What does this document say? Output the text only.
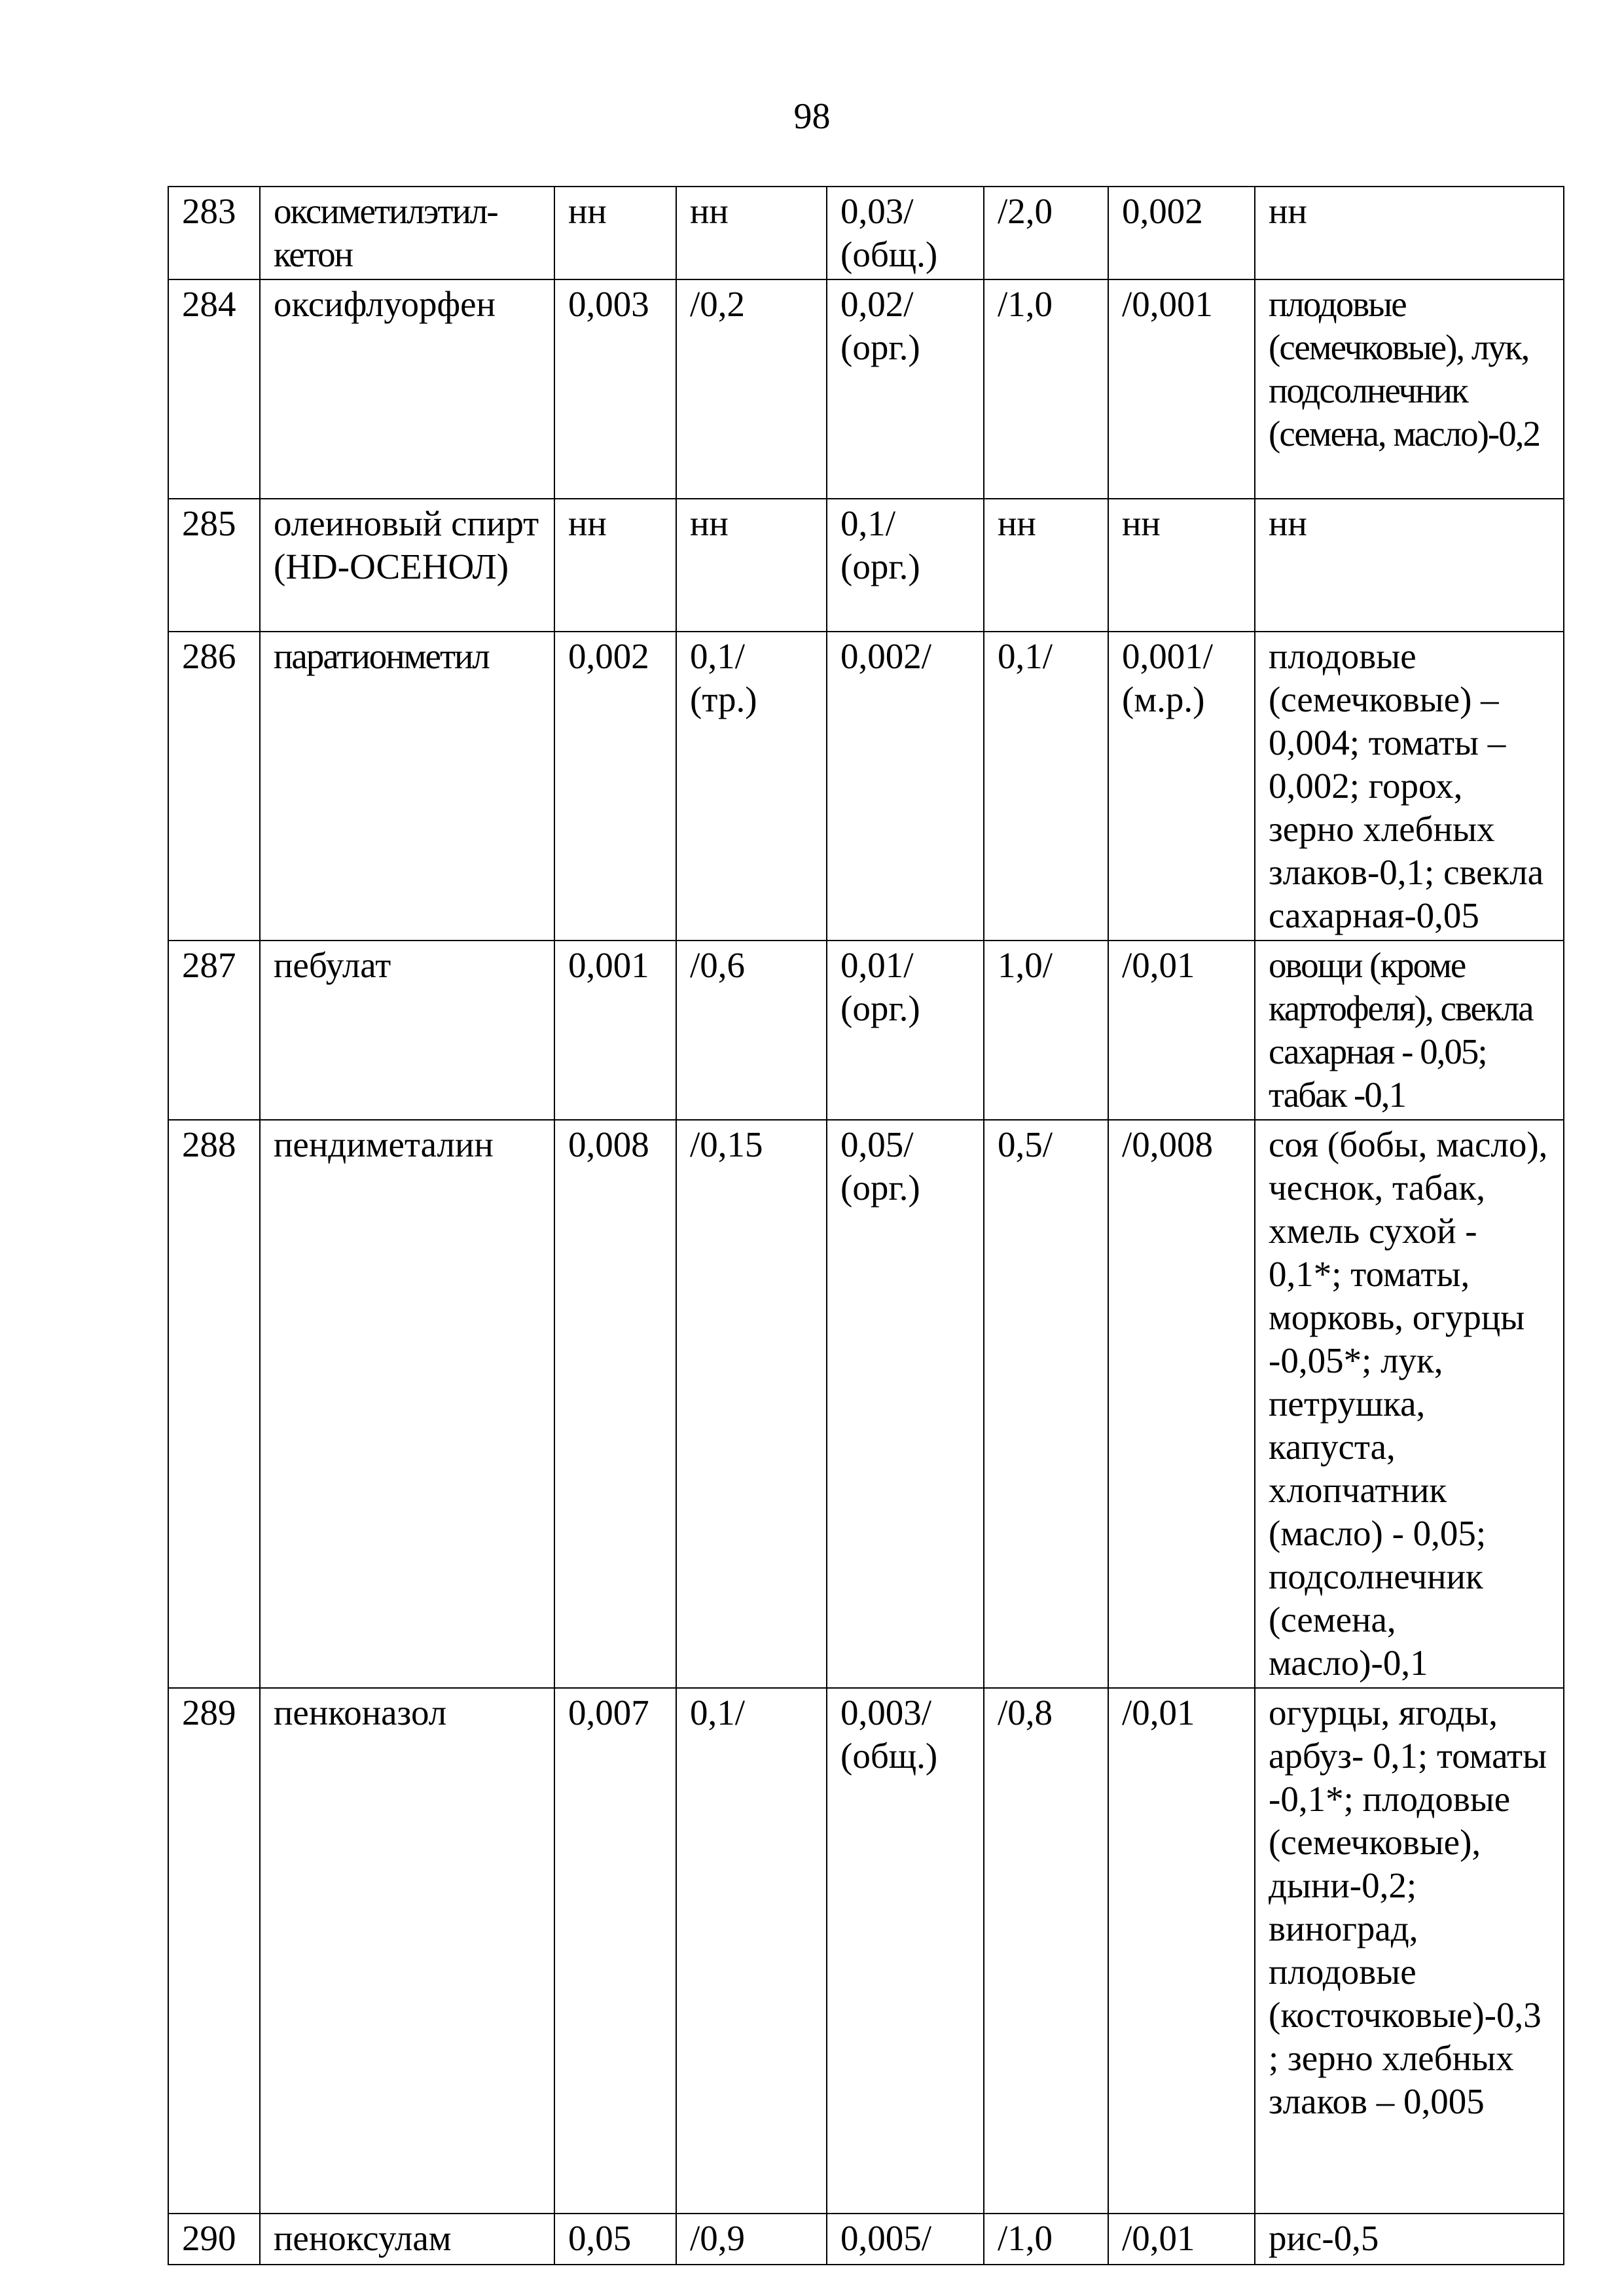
98
283	оксиметилэтил-кетон	нн	нн	0,03/ (общ.)	/2,0	0,002	нн
284	оксифлуорфен	0,003	/0,2	0,02/ (орг.)	/1,0	/0,001	плодовые (семечковые), лук, подсолнечник (семена, масло)-0,2
285	олеиновый спирт (HD-ОСЕНОЛ)	нн	нн	0,1/ (орг.)	нн	нн	нн
286	паратионметил	0,002	0,1/ (тр.)	0,002/	0,1/	0,001/ (м.р.)	плодовые (семечковые) – 0,004; томаты – 0,002; горох, зерно хлебных злаков-0,1; свекла сахарная-0,05
287	пебулат	0,001	/0,6	0,01/ (орг.)	1,0/	/0,01	овощи (кроме картофеля), свекла сахарная - 0,05; табак -0,1
288	пендиметалин	0,008	/0,15	0,05/ (орг.)	0,5/	/0,008	соя (бобы, масло), чеснок, табак, хмель сухой - 0,1*; томаты, морковь, огурцы -0,05*; лук, петрушка, капуста, хлопчатник (масло) - 0,05; подсолнечник (семена, масло)-0,1
289	пенконазол	0,007	0,1/	0,003/ (общ.)	/0,8	/0,01	огурцы, ягоды, арбуз- 0,1; томаты -0,1*; плодовые (семечковые), дыни-0,2; виноград, плодовые (косточковые)-0,3; зерно хлебных злаков – 0,005
290	пеноксулам	0,05	/0,9	0,005/	/1,0	/0,01	рис-0,5
